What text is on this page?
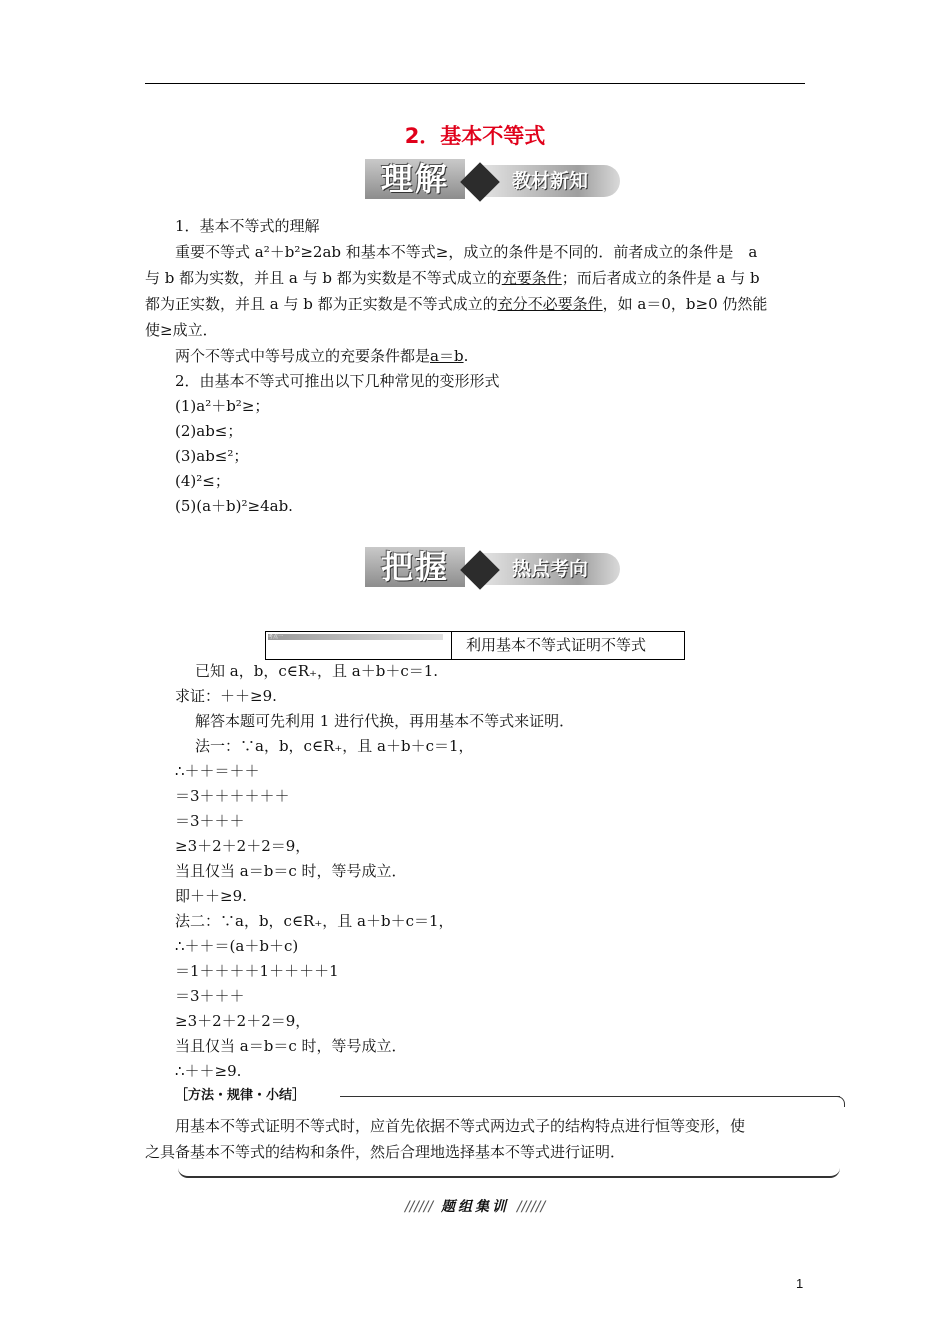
2．基本不等式
教材新知
理解
1．基本不等式的理解
重要不等式 a²＋b²≥2ab 和基本不等式≥，成立的条件是不同的．前者成立的条件是　a
与 b 都为实数，并且 a 与 b 都为实数是不等式成立的充要条件；而后者成立的条件是 a 与 b
都为正实数，并且 a 与 b 都为正实数是不等式成立的充分不必要条件，如 a＝0，b≥0 仍然能
使≥成立．
两个不等式中等号成立的充要条件都是a＝b.
2．由基本不等式可推出以下几种常见的变形形式
(1)a²＋b²≥；
(2)ab≤；
(3)ab≤²；
(4)²≤；
(5)(a＋b)²≥4ab.
热点考向
把握
考点一	利用基本不等式证明不等式
已知 a，b，c∈R₊，且 a＋b＋c＝1.
求证：＋＋≥9.
解答本题可先利用 1 进行代换，再用基本不等式来证明．
法一：∵a，b，c∈R₊，且 a＋b＋c＝1，
∴＋＋＝＋＋
＝3＋＋＋＋＋＋
＝3＋＋＋
≥3＋2＋2＋2＝9，
当且仅当 a＝b＝c 时，等号成立．
即＋＋≥9.
法二：∵a，b，c∈R₊，且 a＋b＋c＝1，
∴＋＋＝(a＋b＋c)
＝1＋＋＋＋1＋＋＋＋1
＝3＋＋＋
≥3＋2＋2＋2＝9，
当且仅当 a＝b＝c 时，等号成立．
∴＋＋≥9.
［方法・规律・小结］
用基本不等式证明不等式时，应首先依据不等式两边式子的结构特点进行恒等变形，使
之具备基本不等式的结构和条件，然后合理地选择基本不等式进行证明．
////// 题组集训 //////
1
